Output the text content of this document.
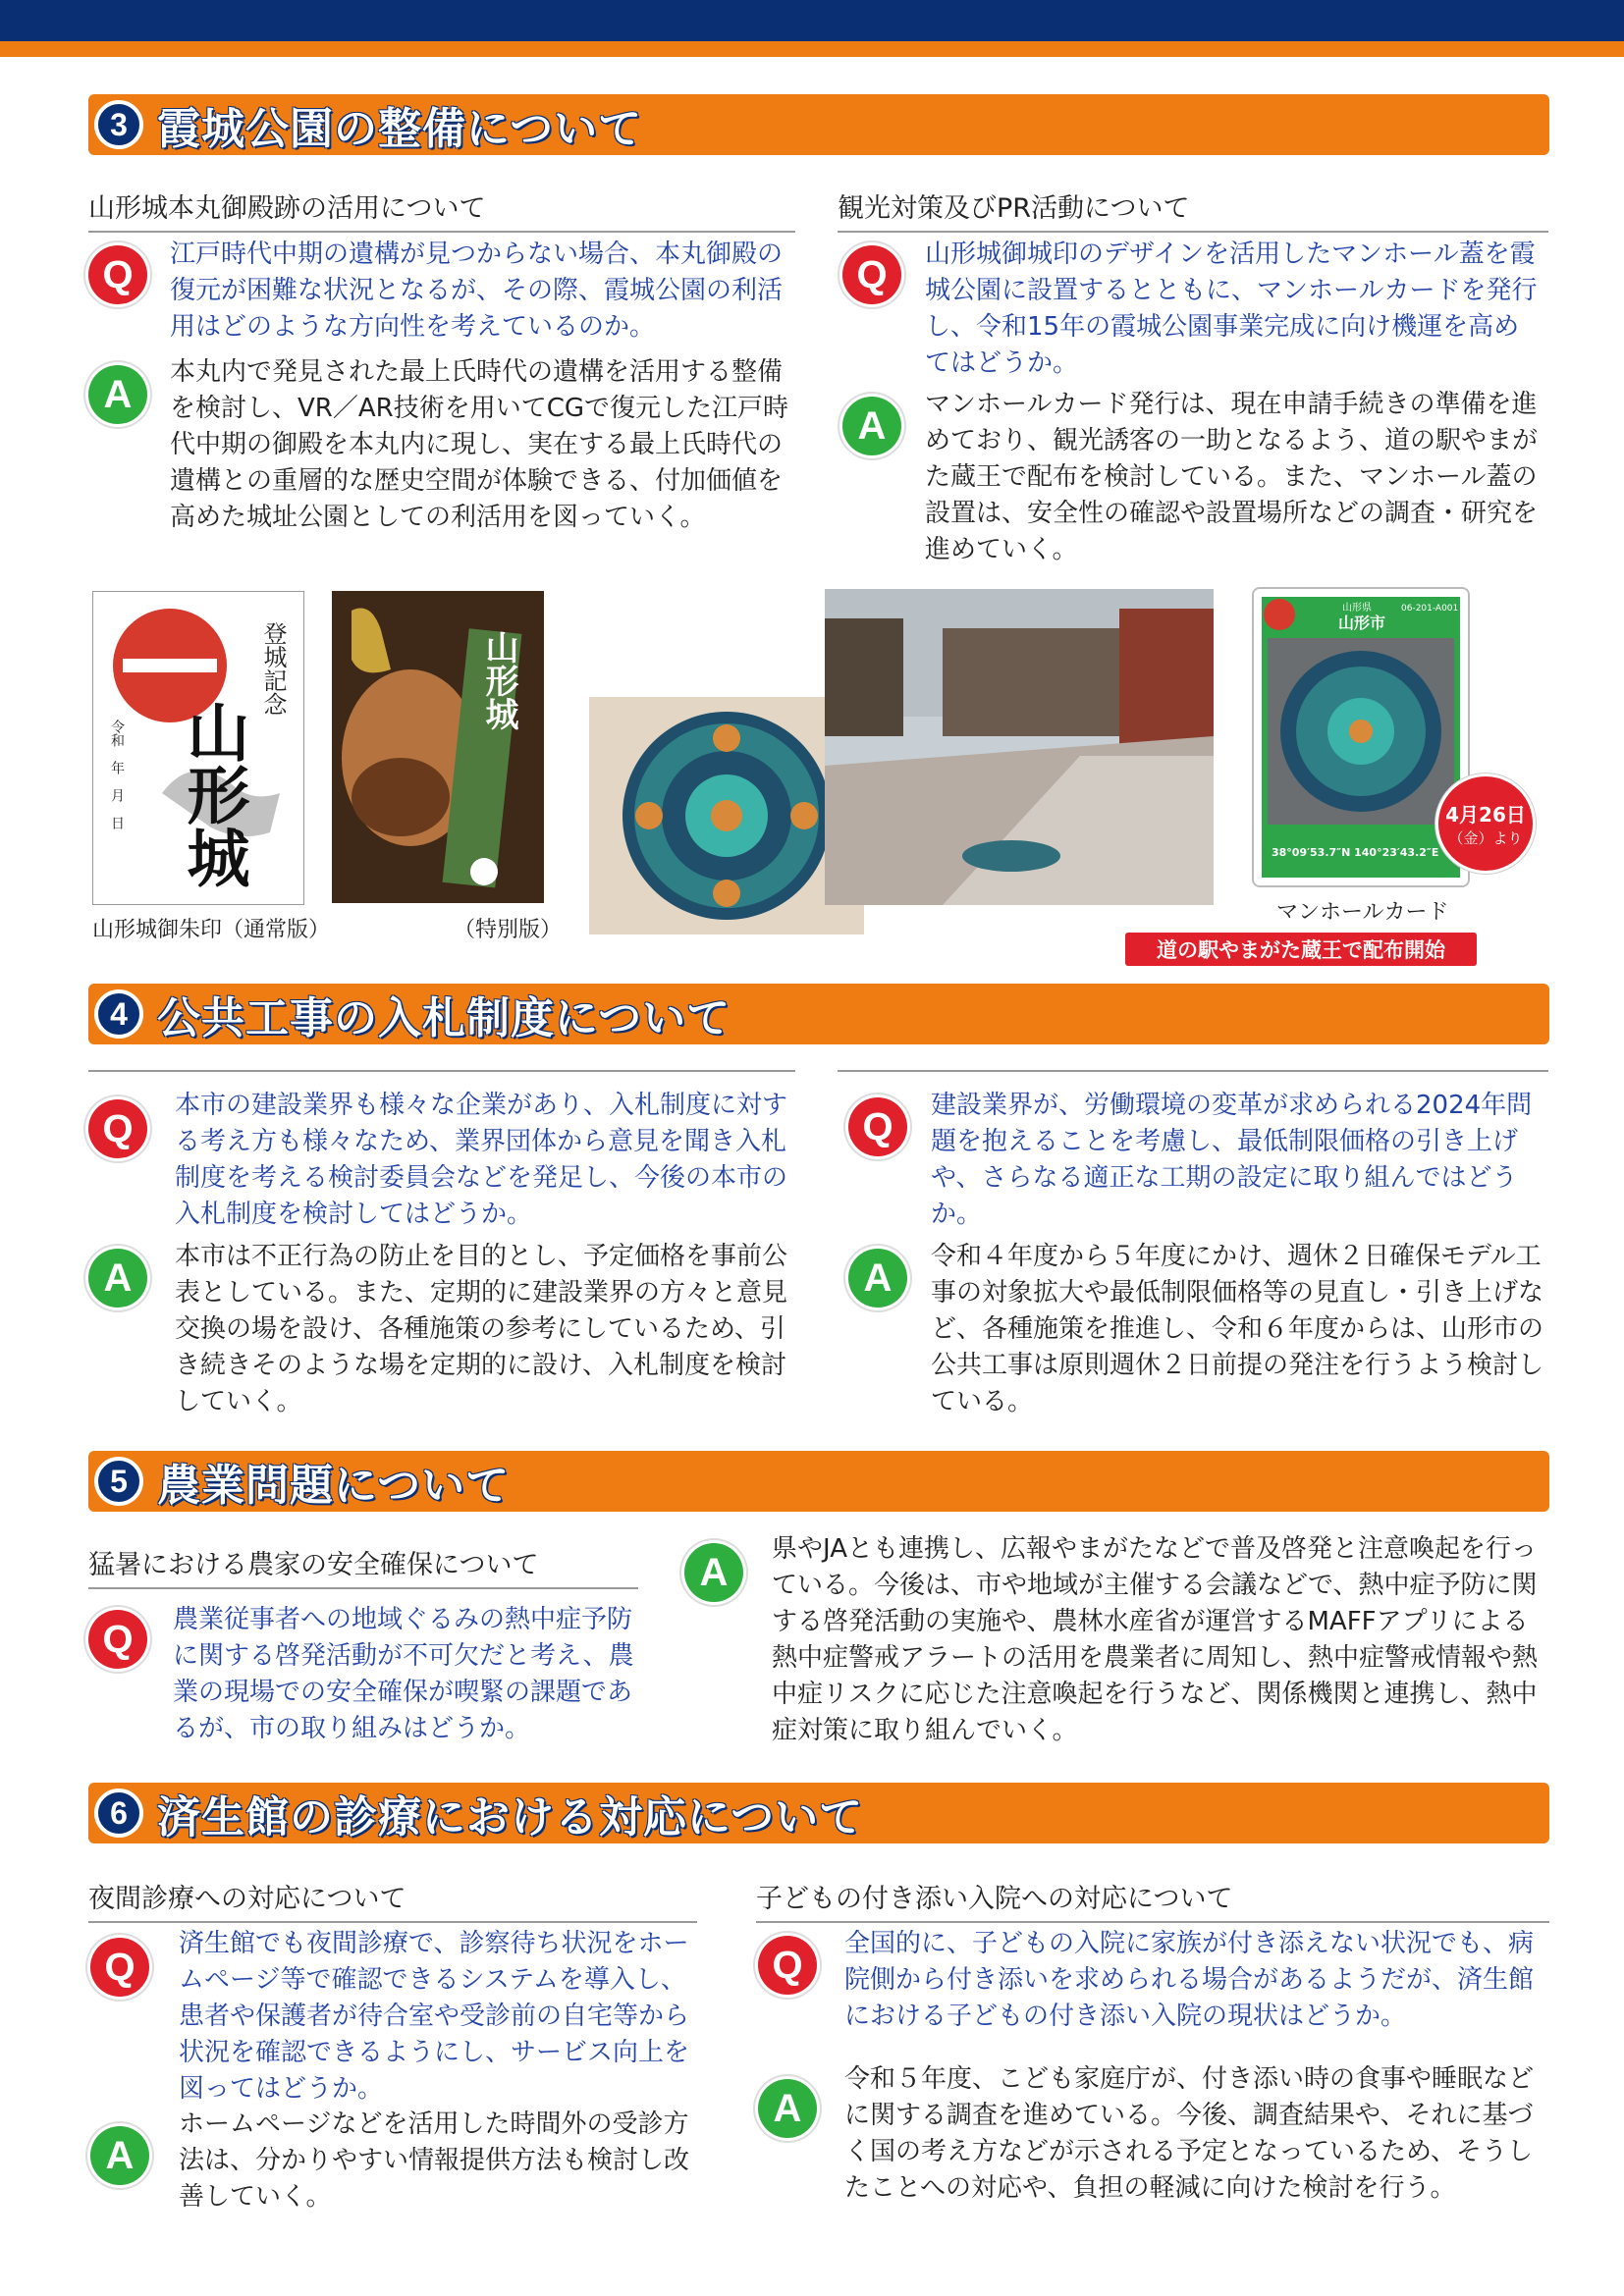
3 霞城公園の整備について
山形城本丸御殿跡の活用について
Q	江戸時代中期の遺構が見つからない場合、本丸御殿の復元が困難な状況となるが、その際、霞城公園の利活用はどのような方向性を考えているのか。

A

本丸内で発見された最上氏時代の遺構を活用する整備を検討し、VR／AR技術を用いてCGで復元した江戸時代中期の御殿を本丸内に現し、実在する最上氏時代の遺構との重層的な歴史空間が体験できる、付加価値を高めた城址公園としての利活用を図っていく。

観光対策及びPR活動について
Q	山形城御城印のデザインを活用したマンホール蓋を霞城公園に設置するとともに、マンホールカードを発行し、令和15年の霞城公園事業完成に向け機運を高めてはどうか。

A	マンホールカード発行は、現在申請手続きの準備を進めており、観光誘客の一助となるよう、道の駅やまがた蔵王で配布を検討している。また、マンホール蓋の設置は、安全性の確認や設置場所などの調査・研究を進めていく。

登城記念
山形城
令和　年　月　日
山形城
山形城御朱印（通常版）	（特別版）
山形県
山形市
06-201-A001
38°09′53.7″N 140°23′43.2″E
4月26日
（金）より
マンホールカード
道の駅やまがた蔵王で配布開始
4 公共工事の入札制度について
Q

本市の建設業界も様々な企業があり、入札制度に対する考え方も様々なため、業界団体から意見を聞き入札制度を考える検討委員会などを発足し、今後の本市の入札制度を検討してはどうか。

A	本市は不正行為の防止を目的とし、予定価格を事前公表としている。また、定期的に建設業界の方々と意見交換の場を設け、各種施策の参考にしているため、引き続きそのような場を定期的に設け、入札制度を検討していく。

Q	建設業界が、労働環境の変革が求められる2024年問題を抱えることを考慮し、最低制限価格の引き上げや、さらなる適正な工期の設定に取り組んではどうか。

A	令和４年度から５年度にかけ、週休２日確保モデル工事の対象拡大や最低制限価格等の見直し・引き上げなど、各種施策を推進し、令和６年度からは、山形市の公共工事は原則週休２日前提の発注を行うよう検討している。

5 農業問題について
猛暑における農家の安全確保について
Q	農業従事者への地域ぐるみの熱中症予防に関する啓発活動が不可欠だと考え、農業の現場での安全確保が喫緊の課題であるが、市の取り組みはどうか。

A

県やJAとも連携し、広報やまがたなどで普及啓発と注意喚起を行っている。今後は、市や地域が主催する会議などで、熱中症予防に関する啓発活動の実施や、農林水産省が運営するMAFFアプリによる熱中症警戒アラートの活用を農業者に周知し、熱中症警戒情報や熱中症リスクに応じた注意喚起を行うなど、関係機関と連携し、熱中症対策に取り組んでいく。

6 済生館の診療における対応について
夜間診療への対応について
Q

済生館でも夜間診療で、診察待ち状況をホームページ等で確認できるシステムを導入し、患者や保護者が待合室や受診前の自宅等から状況を確認できるようにし、サービス向上を図ってはどうか。

A

ホームページなどを活用した時間外の受診方法は、分かりやすい情報提供方法も検討し改善していく。

子どもの付き添い入院への対応について
Q	全国的に、子どもの入院に家族が付き添えない状況でも、病院側から付き添いを求められる場合があるようだが、済生館における子どもの付き添い入院の現状はどうか。

A

令和５年度、こども家庭庁が、付き添い時の食事や睡眠などに関する調査を進めている。今後、調査結果や、それに基づく国の考え方などが示される予定となっているため、そうしたことへの対応や、負担の軽減に向けた検討を行う。
